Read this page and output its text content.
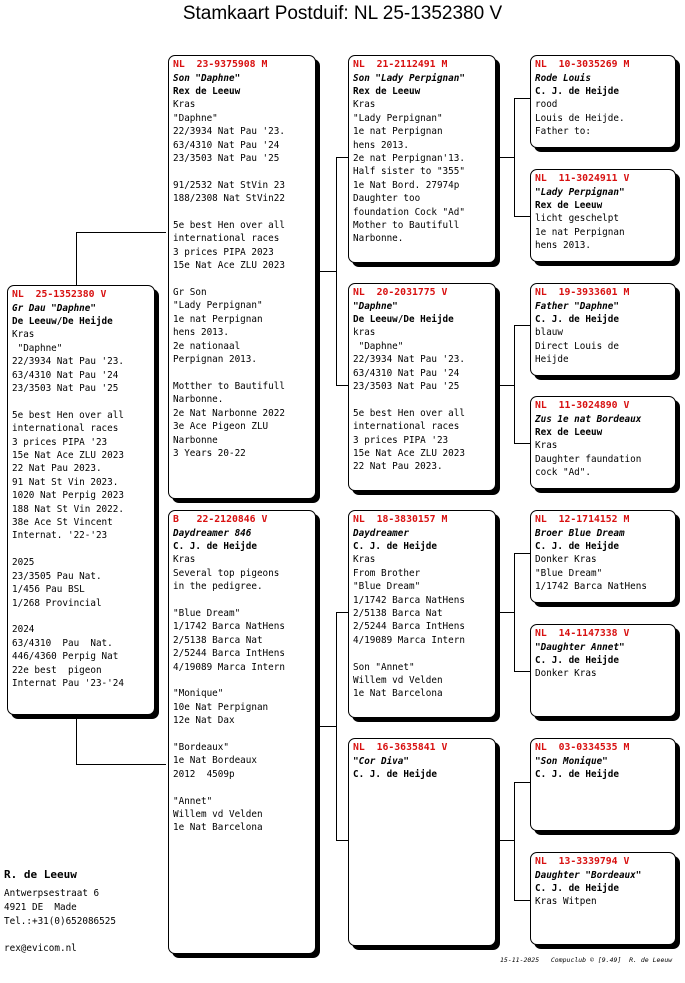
Stamkaart Postduif: NL 25-1352380 V
NL  25-1352380 V
Gr Dau "Daphne"
De Leeuw/De Heijde
Kras
"Daphne"
22/3934 Nat Pau '23.
63/4310 Nat Pau '24
23/3503 Nat Pau '25
5e best Hen over all
international races
3 prices PIPA '23
15e Nat Ace ZLU 2023
22 Nat Pau 2023.
91 Nat St Vin 2023.
1020 Nat Perpig 2023
188 Nat St Vin 2022.
38e Ace St Vincent
Internat. '22-'23
2025
23/3505 Pau Nat.
1/456 Pau BSL
1/268 Provincial
2024
63/4310  Pau  Nat.
446/4360 Perpig Nat
22e best  pigeon
Internat Pau '23-'24
NL  23-9375908 M
Son "Daphne"
Rex de Leeuw
Kras
"Daphne"
22/3934 Nat Pau '23.
63/4310 Nat Pau '24
23/3503 Nat Pau '25
91/2532 Nat StVin 23
188/2308 Nat StVin22
5e best Hen over all
international races
3 prices PIPA 2023
15e Nat Ace ZLU 2023
Gr Son
"Lady Perpignan"
1e nat Perpignan
hens 2013.
2e nationaal
Perpignan 2013.
Motther to Bautifull
Narbonne.
2e Nat Narbonne 2022
3e Ace Pigeon ZLU
Narbonne
3 Years 20-22
B   22-2120846 V
Daydreamer 846
C. J. de Heijde
Kras
Several top pigeons
in the pedigree.
"Blue Dream"
1/1742 Barca NatHens
2/5138 Barca Nat
2/5244 Barca IntHens
4/19089 Marca Intern
"Monique"
10e Nat Perpignan
12e Nat Dax
"Bordeaux"
1e Nat Bordeaux
2012  4509p
"Annet"
Willem vd Velden
1e Nat Barcelona
NL  21-2112491 M
Son "Lady Perpignan"
Rex de Leeuw
Kras
"Lady Perpignan"
1e nat Perpignan
hens 2013.
2e nat Perpignan'13.
Half sister to "355"
1e Nat Bord. 27974p
Daughter too
foundation Cock "Ad"
Mother to Bautifull
Narbonne.
NL  20-2031775 V
"Daphne"
De Leeuw/De Heijde
kras
"Daphne"
22/3934 Nat Pau '23.
63/4310 Nat Pau '24
23/3503 Nat Pau '25
5e best Hen over all
international races
3 prices PIPA '23
15e Nat Ace ZLU 2023
22 Nat Pau 2023.
NL  18-3830157 M
Daydreamer
C. J. de Heijde
Kras
From Brother
"Blue Dream"
1/1742 Barca NatHens
2/5138 Barca Nat
2/5244 Barca IntHens
4/19089 Marca Intern
Son "Annet"
Willem vd Velden
1e Nat Barcelona
NL  16-3635841 V
"Cor Diva"
C. J. de Heijde
NL  10-3035269 M
Rode Louis
C. J. de Heijde
rood
Louis de Heijde.
Father to:
NL  11-3024911 V
"Lady Perpignan"
Rex de Leeuw
licht geschelpt
1e nat Perpignan
hens 2013.
NL  19-3933601 M
Father "Daphne"
C. J. de Heijde
blauw
Direct Louis de
Heijde
NL  11-3024890 V
Zus 1e nat Bordeaux
Rex de Leeuw
Kras
Daughter faundation
cock "Ad".
NL  12-1714152 M
Broer Blue Dream
C. J. de Heijde
Donker Kras
"Blue Dream"
1/1742 Barca NatHens
NL  14-1147338 V
"Daughter Annet"
C. J. de Heijde
Donker Kras
NL  03-0334535 M
"Son Monique"
C. J. de Heijde
NL  13-3339794 V
Daughter "Bordeaux"
C. J. de Heijde
Kras Witpen
R. de Leeuw
Antwerpsestraat 6
4921 DE  Made
Tel.:+31(0)652086525
rex@evicom.nl
15-11-2025   Compuclub © [9.49]  R. de Leeuw
